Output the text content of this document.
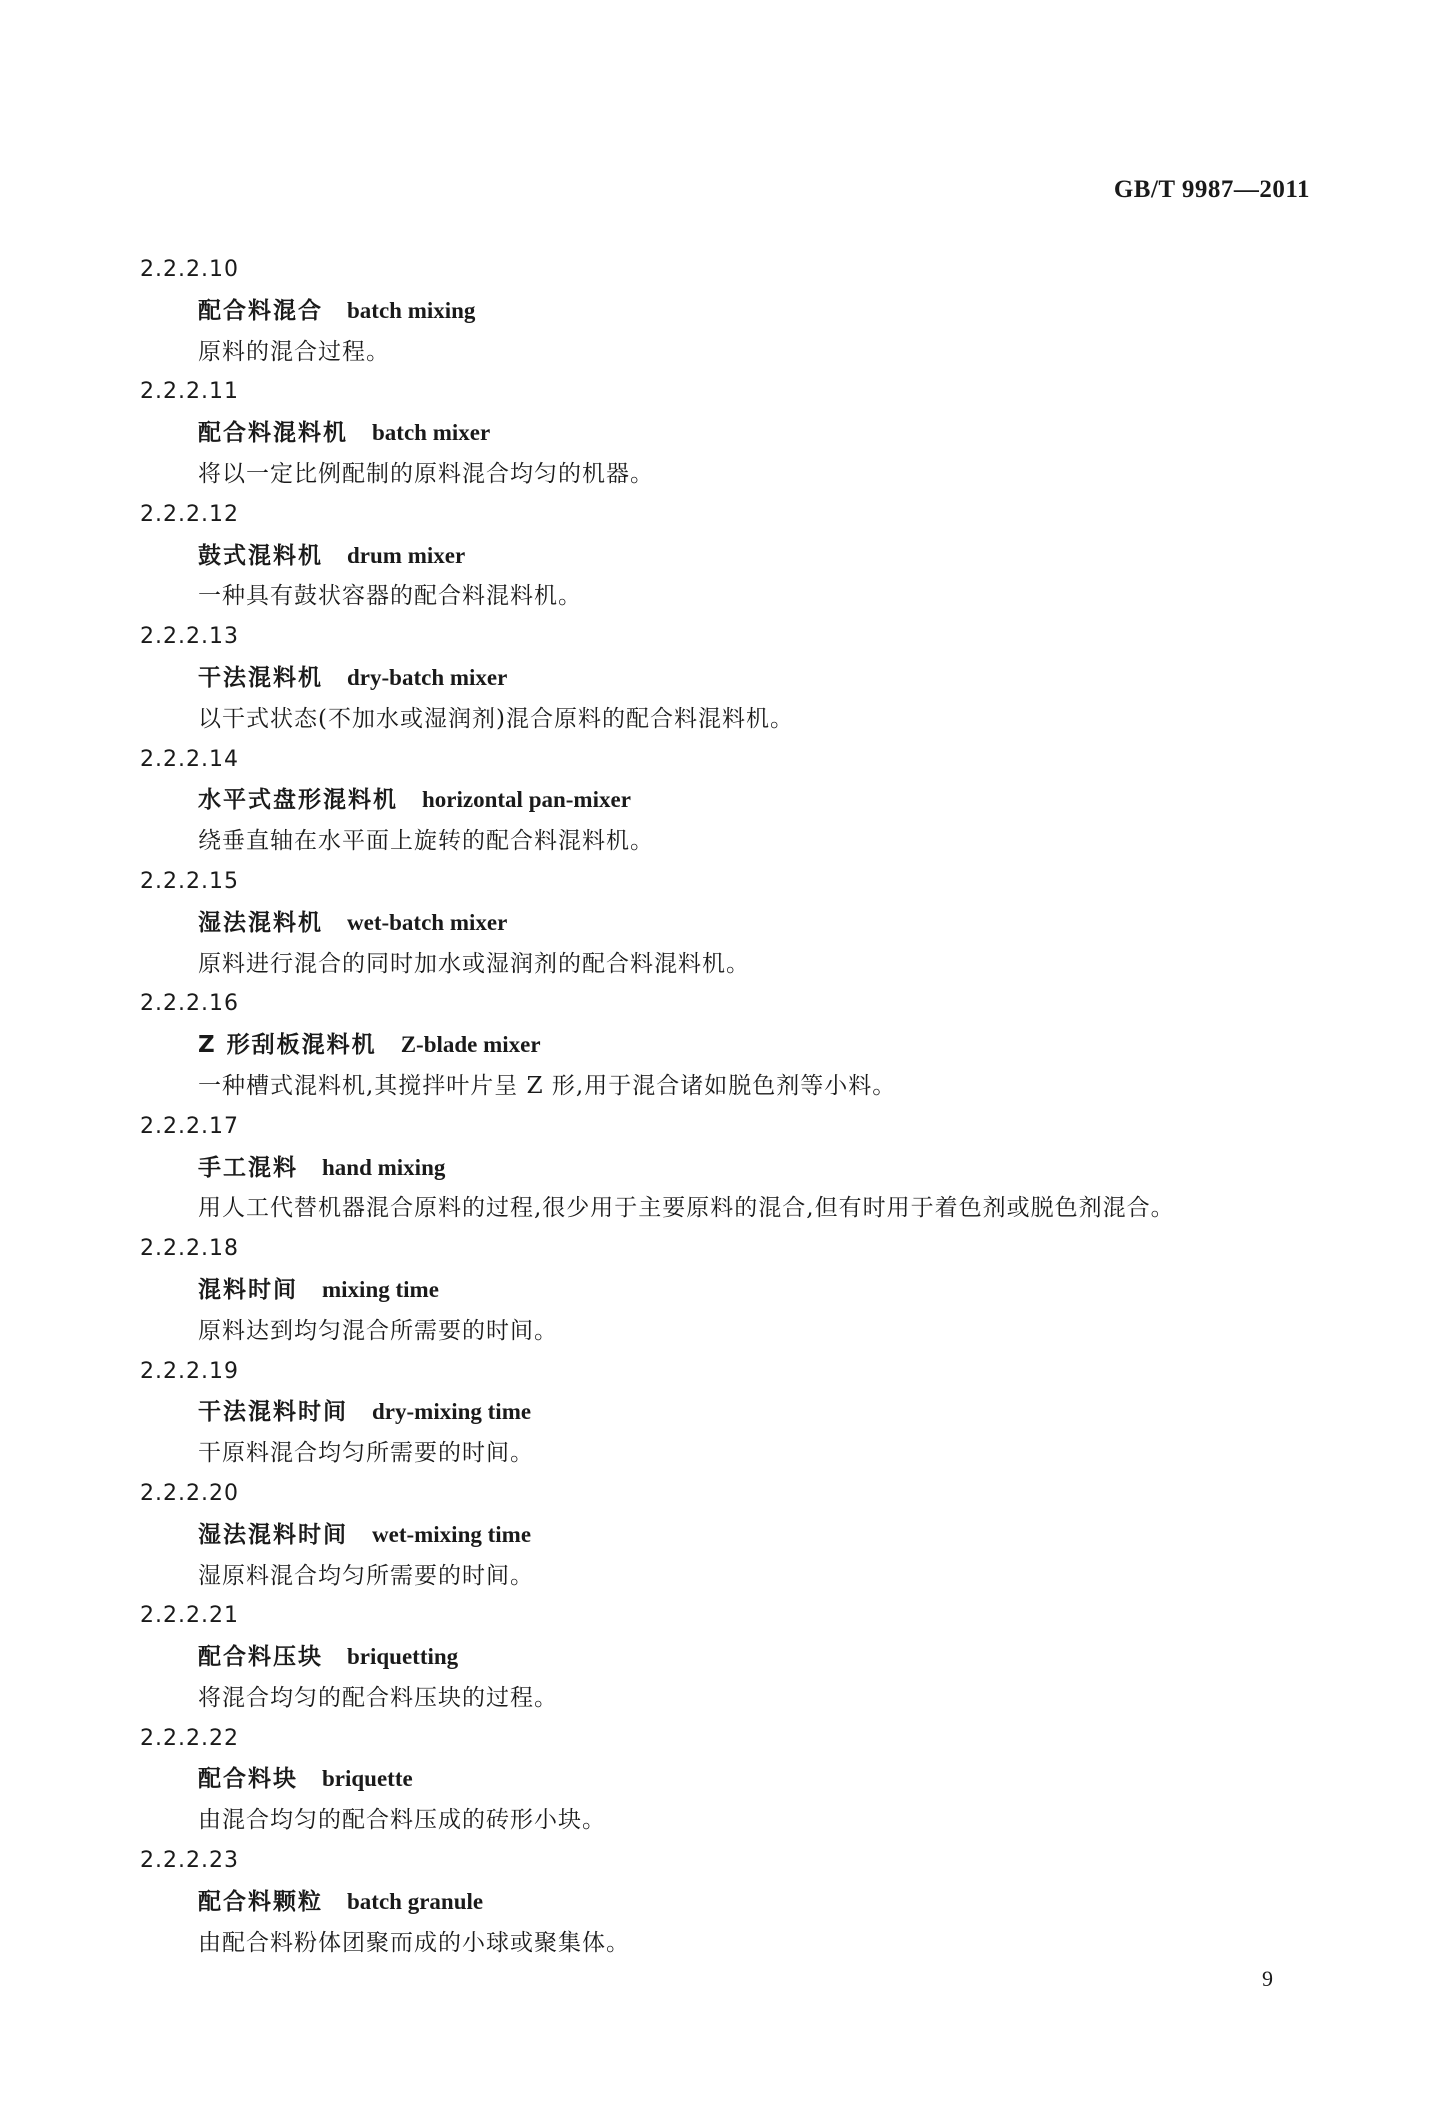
GB/T 9987—2011
2.2.2.10
配合料混合 batch mixing
原料的混合过程。
2.2.2.11
配合料混料机 batch mixer
将以一定比例配制的原料混合均匀的机器。
2.2.2.12
鼓式混料机 drum mixer
一种具有鼓状容器的配合料混料机。
2.2.2.13
干法混料机 dry-batch mixer
以干式状态(不加水或湿润剂)混合原料的配合料混料机。
2.2.2.14
水平式盘形混料机 horizontal pan-mixer
绕垂直轴在水平面上旋转的配合料混料机。
2.2.2.15
湿法混料机 wet-batch mixer
原料进行混合的同时加水或湿润剂的配合料混料机。
2.2.2.16
Z 形刮板混料机 Z-blade mixer
一种槽式混料机,其搅拌叶片呈 Z 形,用于混合诸如脱色剂等小料。
2.2.2.17
手工混料 hand mixing
用人工代替机器混合原料的过程,很少用于主要原料的混合,但有时用于着色剂或脱色剂混合。
2.2.2.18
混料时间 mixing time
原料达到均匀混合所需要的时间。
2.2.2.19
干法混料时间 dry-mixing time
干原料混合均匀所需要的时间。
2.2.2.20
湿法混料时间 wet-mixing time
湿原料混合均匀所需要的时间。
2.2.2.21
配合料压块 briquetting
将混合均匀的配合料压块的过程。
2.2.2.22
配合料块 briquette
由混合均匀的配合料压成的砖形小块。
2.2.2.23
配合料颗粒 batch granule
由配合料粉体团聚而成的小球或聚集体。
9
